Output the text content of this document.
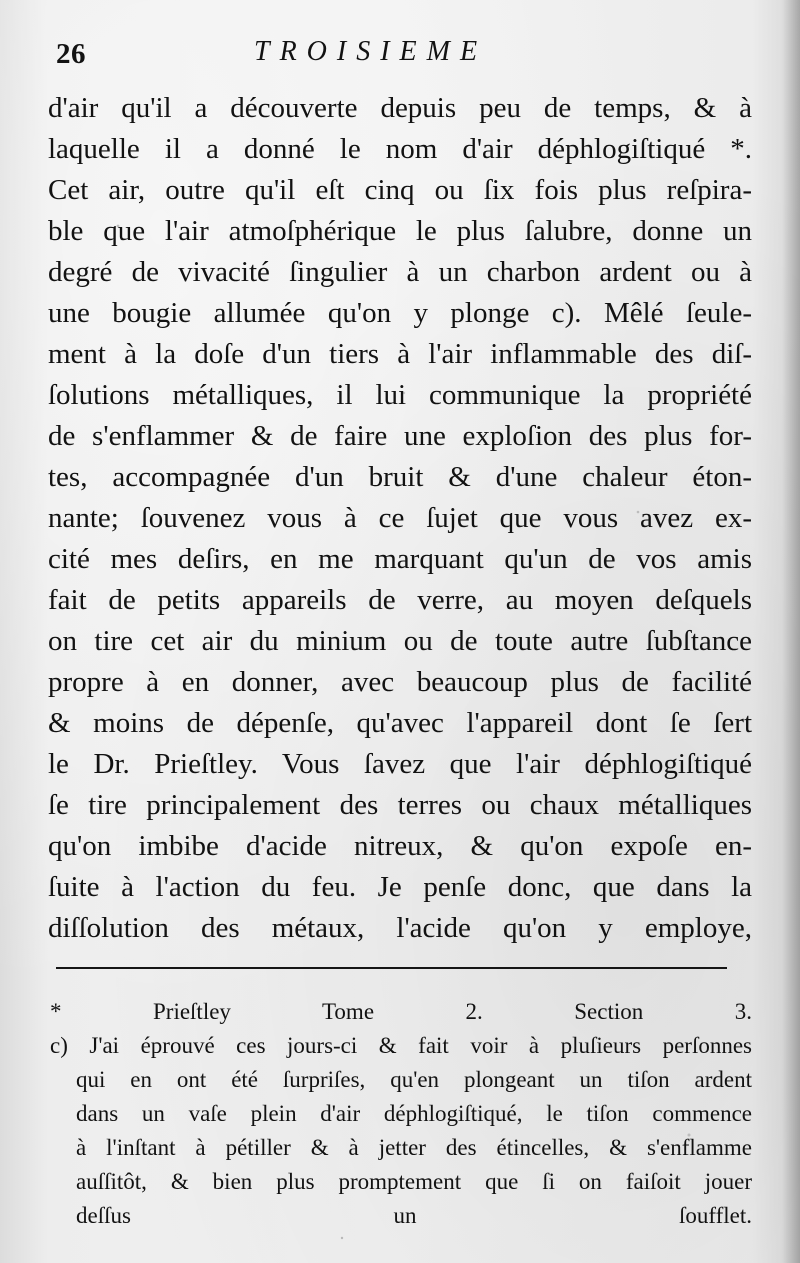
26	TROISIEME
d'air qu'il a découverte depuis peu de temps, & à
laquelle il a donné le nom d'air déphlogiſtiqué *.
Cet air, outre qu'il eſt cinq ou ſix fois plus reſpira-
ble que l'air atmoſphérique le plus ſalubre, donne un
degré de vivacité ſingulier à un charbon ardent ou à
une bougie allumée qu'on y plonge c). Mêlé ſeule-
ment à la doſe d'un tiers à l'air inflammable des diſ-
ſolutions métalliques, il lui communique la propriété
de s'enflammer & de faire une exploſion des plus for-
tes, accompagnée d'un bruit & d'une chaleur éton-
nante; ſouvenez vous à ce ſujet que vous avez ex-
cité mes deſirs, en me marquant qu'un de vos amis
fait de petits appareils de verre, au moyen deſquels
on tire cet air du minium ou de toute autre ſubſtance
propre à en donner, avec beaucoup plus de facilité
& moins de dépenſe, qu'avec l'appareil dont ſe ſert
le Dr. Prieſtley. Vous ſavez que l'air déphlogiſtiqué
ſe tire principalement des terres ou chaux métalliques
qu'on imbibe d'acide nitreux, & qu'on expoſe en-
ſuite à l'action du feu. Je penſe donc, que dans la
diſſolution des métaux, l'acide qu'on y employe,

* Prieſtley Tome 2. Section 3.

c) J'ai éprouvé ces jours-ci & fait voir à pluſieurs perſonnes
qui en ont été ſurpriſes, qu'en plongeant un tiſon ardent
dans un vaſe plein d'air déphlogiſtiqué, le tiſon commence
à l'inſtant à pétiller & à jetter des étincelles, & s'enflamme
auſſitôt, & bien plus promptement que ſi on faiſoit jouer
deſſus un ſoufflet.
